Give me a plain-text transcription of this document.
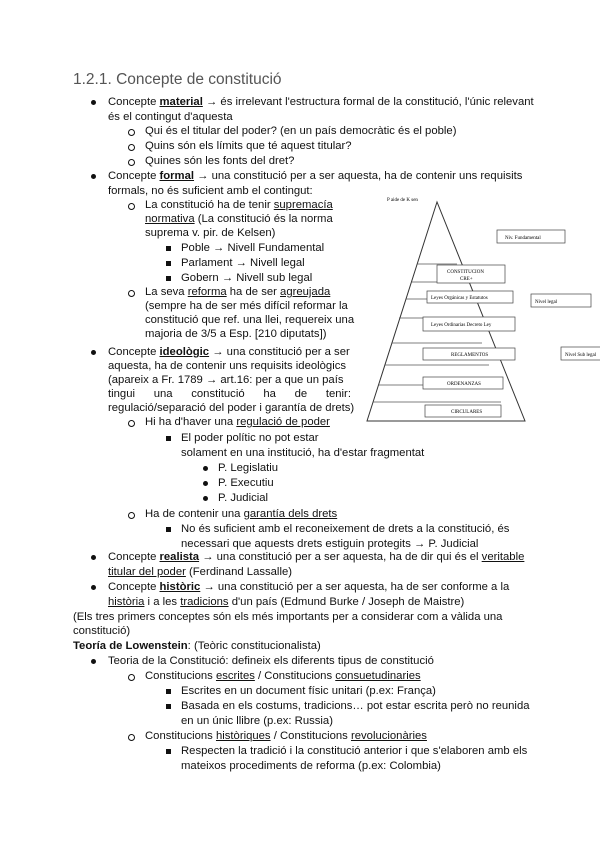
1.2.1. Concepte de constitució
Concepte material → és irrelevant l'estructura formal de la constitució, l'únic relevant
és el contingut d'aquesta
Qui és el titular del poder? (en un país democràtic és el poble)
Quins són els límits que té aquest titular?
Quines són les fonts del dret?
Concepte formal → una constitució per a ser aquesta, ha de contenir uns requisits
formals, no és suficient amb el contingut:
La constitució ha de tenir supremacía
normativa (La constitució és la norma
suprema v. pir. de Kelsen)
Poble → Nivell Fundamental
Parlament → Nivell legal
Gobern → Nivell sub legal
La seva reforma ha de ser agreujada
(sempre ha de ser més difícil reformar la
constitució que ref. una llei, requereix una
majoria de 3/5 a Esp. [210 diputats])
Concepte ideològic → una constitució per a ser
aquesta, ha de contenir uns requisits ideològics
(apareix a Fr. 1789 → art.16: per a que un país
tingui una constitució ha de tenir:
regulació/separació del poder i garantía de drets)
Hi ha d'haver una regulació de poder
El poder polític no pot estar
solament en una institució, ha d'estar fragmentat
P. Legislatiu
P. Executiu
P. Judicial
Ha de contenir una garantía dels drets
No és suficient amb el reconeixement de drets a la constitució, és
necessari que aquests drets estiguin protegits → P. Judicial
Concepte realista → una constitució per a ser aquesta, ha de dir qui és el veritable
titular del poder (Ferdinand Lassalle)
Concepte històric → una constitució per a ser aquesta, ha de ser conforme a la
història i a les tradicions d'un país (Edmund Burke / Joseph de Maistre)
(Els tres primers conceptes són els més importants per a considerar com a vàlida una
constitució)
Teoría de Lowenstein: (Teòric constitucionalista)
Teoria de la Constitució: defineix els diferents tipus de constitució
Constitucions escrites / Constitucions consuetudinaries
Escrites en un document físic unitari (p.ex: França)
Basada en els costums, tradicions… pot estar escrita però no reunida
en un únic llibre (p.ex: Russia)
Constitucions històriques / Constitucions revolucionàries
Respecten la tradició i la constitució anterior i que s'elaboren amb els
mateixos procediments de reforma (p.ex: Colombia)
P aide de K sen
CONSTITUCION
CRE+
Leyes Orgánicas y Estatutos
Leyes Ordinarias Decreto Ley
REGLAMENTOS
ORDENANZAS
CIRCULARES
Niv. Fundamental
Nivel legal
Nivel Sub legal
